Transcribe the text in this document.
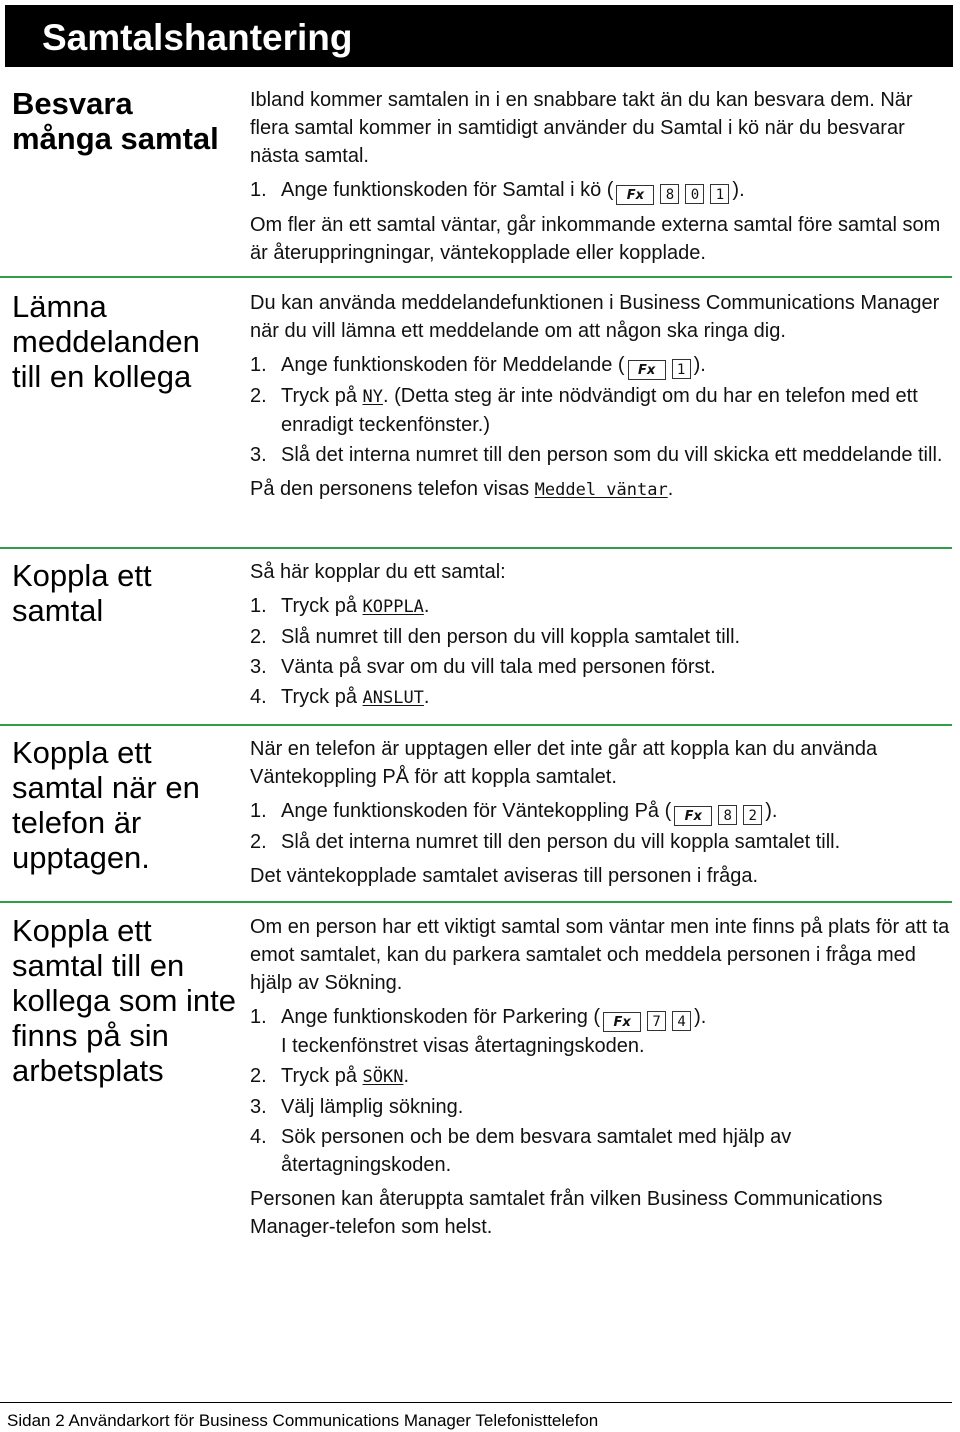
Samtalshantering
Besvara många samtal

Ibland kommer samtalen in i en snabbare takt än du kan besvara dem. När flera samtal kommer in samtidigt använder du Samtal i kö när du besvarar nästa samtal.

1. Ange funktionskoden för Samtal i kö ( Fx 8 0 1 ).

Om fler än ett samtal väntar, går inkommande externa samtal före samtal som är återuppringningar, väntekopplade eller kopplade.

Lämna meddelanden till en kollega

Du kan använda meddelandefunktionen i Business Communications Manager när du vill lämna ett meddelande om att någon ska ringa dig.

1. Ange funktionskoden för Meddelande ( Fx 1 ).
2. Tryck på NY. (Detta steg är inte nödvändigt om du har en telefon med ett enradigt teckenfönster.)
3. Slå det interna numret till den person som du vill skicka ett meddelande till.

På den personens telefon visas Meddel väntar.

Koppla ett samtal

Så här kopplar du ett samtal:

1. Tryck på KOPPLA.
2. Slå numret till den person du vill koppla samtalet till.
3. Vänta på svar om du vill tala med personen först.
4. Tryck på ANSLUT.
Koppla ett samtal när en telefon är upptagen.

När en telefon är upptagen eller det inte går att koppla kan du använda Väntekoppling PÅ för att koppla samtalet.

1. Ange funktionskoden för Väntekoppling På ( Fx 8 2 ).
2. Slå det interna numret till den person du vill koppla samtalet till.

Det väntekopplade samtalet aviseras till personen i fråga.

Koppla ett samtal till en kollega som inte finns på sin arbetsplats

Om en person har ett viktigt samtal som väntar men inte finns på plats för att ta emot samtalet, kan du parkera samtalet och meddela personen i fråga med hjälp av Sökning.

1. Ange funktionskoden för Parkering ( Fx 7 4 ).
I teckenfönstret visas återtagningskoden.
2. Tryck på SÖKN.
3. Välj lämplig sökning.
4. Sök personen och be dem besvara samtalet med hjälp av återtagningskoden.

Personen kan återuppta samtalet från vilken Business Communications Manager-telefon som helst.

Sidan 2 Användarkort för Business Communications Manager Telefonisttelefon
